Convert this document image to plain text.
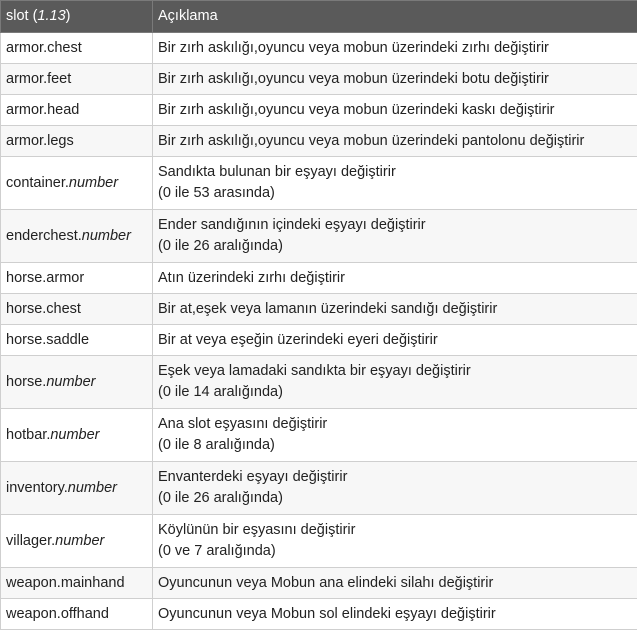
slot (1.13)	Açıklama
armor.chest	Bir zırh askılığı,oyuncu veya mobun üzerindeki zırhı değiştirir

armor.feet	Bir zırh askılığı,oyuncu veya mobun üzerindeki botu değiştirir

armor.head	Bir zırh askılığı,oyuncu veya mobun üzerindeki kaskı değiştirir

armor.legs	Bir zırh askılığı,oyuncu veya mobun üzerindeki pantolonu değiştirir

container.number	Sandıkta bulunan bir eşyayı değiştirir
(0 ile 53 arasında)

enderchest.number	Ender sandığının içindeki eşyayı değiştirir
(0 ile 26 aralığında)

horse.armor	Atın üzerindeki zırhı değiştirir

horse.chest	Bir at,eşek veya lamanın üzerindeki sandığı değiştirir

horse.saddle	Bir at veya eşeğin üzerindeki eyeri değiştirir

horse.number	Eşek veya lamadaki sandıkta bir eşyayı değiştirir
(0 ile 14 aralığında)

hotbar.number	Ana slot eşyasını değiştirir
(0 ile 8 aralığında)

inventory.number	Envanterdeki eşyayı değiştirir
(0 ile 26 aralığında)

villager.number	Köylünün bir eşyasını değiştirir
(0 ve 7 aralığında)

weapon.mainhand	Oyuncunun veya Mobun ana elindeki silahı değiştirir

weapon.offhand	Oyuncunun veya Mobun sol elindeki eşyayı değiştirir
